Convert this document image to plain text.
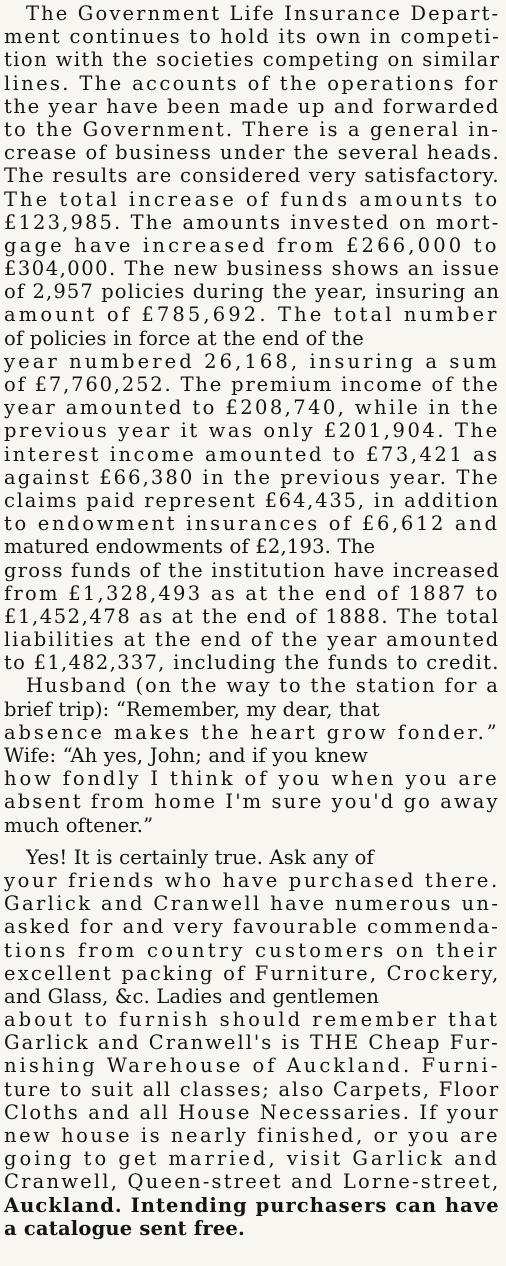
The Government Life Insurance Depart-
ment continues to hold its own in competi-
tion with the societies competing on similar
lines. The accounts of the operations for
the year have been made up and forwarded
to the Government. There is a general in-
crease of business under the several heads.
The results are considered very satisfactory.
The total increase of funds amounts to
£123,985. The amounts invested on mort-
gage have increased from £266,000 to
£304,000. The new business shows an issue
of 2,957 policies during the year, insuring an
amount of £785,692. The total number
of policies in force at the end of the
year numbered 26,168, insuring a sum
of £7,760,252. The premium income of the
year amounted to £208,740, while in the
previous year it was only £201,904. The
interest income amounted to £73,421 as
against £66,380 in the previous year. The
claims paid represent £64,435, in addition
to endowment insurances of £6,612 and
matured endowments of £2,193. The
gross funds of the institution have increased
from £1,328,493 as at the end of 1887 to
£1,452,478 as at the end of 1888. The total
liabilities at the end of the year amounted
to £1,482,337, including the funds to credit.
Husband (on the way to the station for a
brief trip): “Remember, my dear, that
absence makes the heart grow fonder.”
Wife: “Ah yes, John; and if you knew
how fondly I think of you when you are
absent from home I'm sure you'd go away
much oftener.”
Yes! It is certainly true. Ask any of
your friends who have purchased there.
Garlick and Cranwell have numerous un-
asked for and very favourable commenda-
tions from country customers on their
excellent packing of Furniture, Crockery,
and Glass, &c. Ladies and gentlemen
about to furnish should remember that
Garlick and Cranwell's is THE Cheap Fur-
nishing Warehouse of Auckland. Furni-
ture to suit all classes; also Carpets, Floor
Cloths and all House Necessaries. If your
new house is nearly finished, or you are
going to get married, visit Garlick and
Cranwell, Queen-street and Lorne-street,
Auckland. Intending purchasers can have
a catalogue sent free.
